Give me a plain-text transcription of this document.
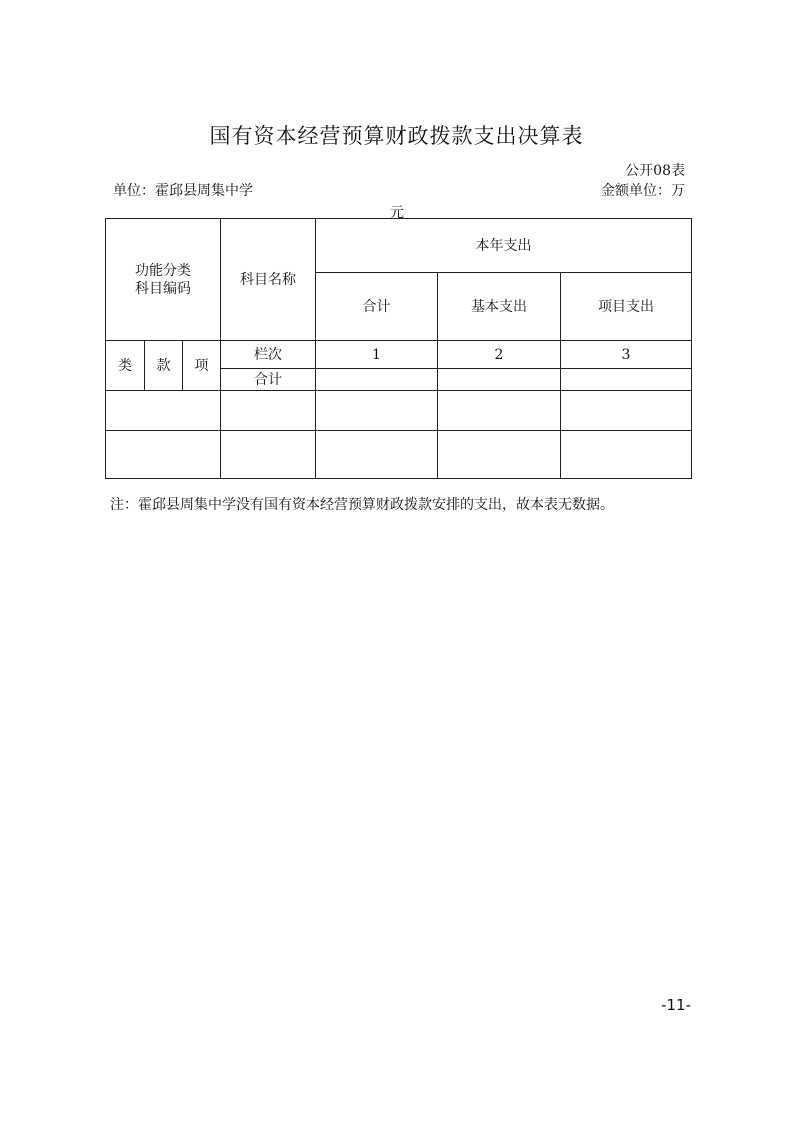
国有资本经营预算财政拨款支出决算表
公开08表
单位：霍邱县周集中学	金额单位：万
元
功能分类
科目编码			科目名称	本年支出		
				合计	基本支出	项目支出
类	款	项	栏次	1	2	3
			合计			

注：霍邱县周集中学没有国有资本经营预算财政拨款安排的支出，故本表无数据。
-11-
